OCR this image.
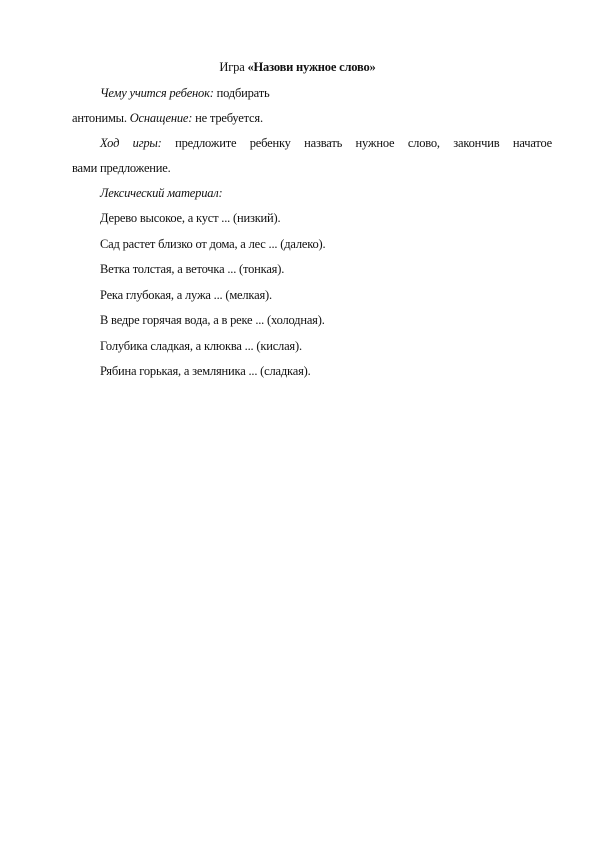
Игра «Назови нужное слово»
Чему учится ребенок: подбирать
антонимы. Оснащение: не требуется.
Ход игры: предложите ребенку назвать нужное слово, закончив начатое
вами предложение.
Лексический материал:
Дерево высокое, а куст ... (низкий).
Сад растет близко от дома, а лес ... (далеко).
Ветка толстая, а веточка ... (тонкая).
Река глубокая, а лужа ... (мелкая).
В ведре горячая вода, а в реке ... (холодная).
Голубика сладкая, а клюква ... (кислая).
Рябина горькая, а земляника ... (сладкая).
